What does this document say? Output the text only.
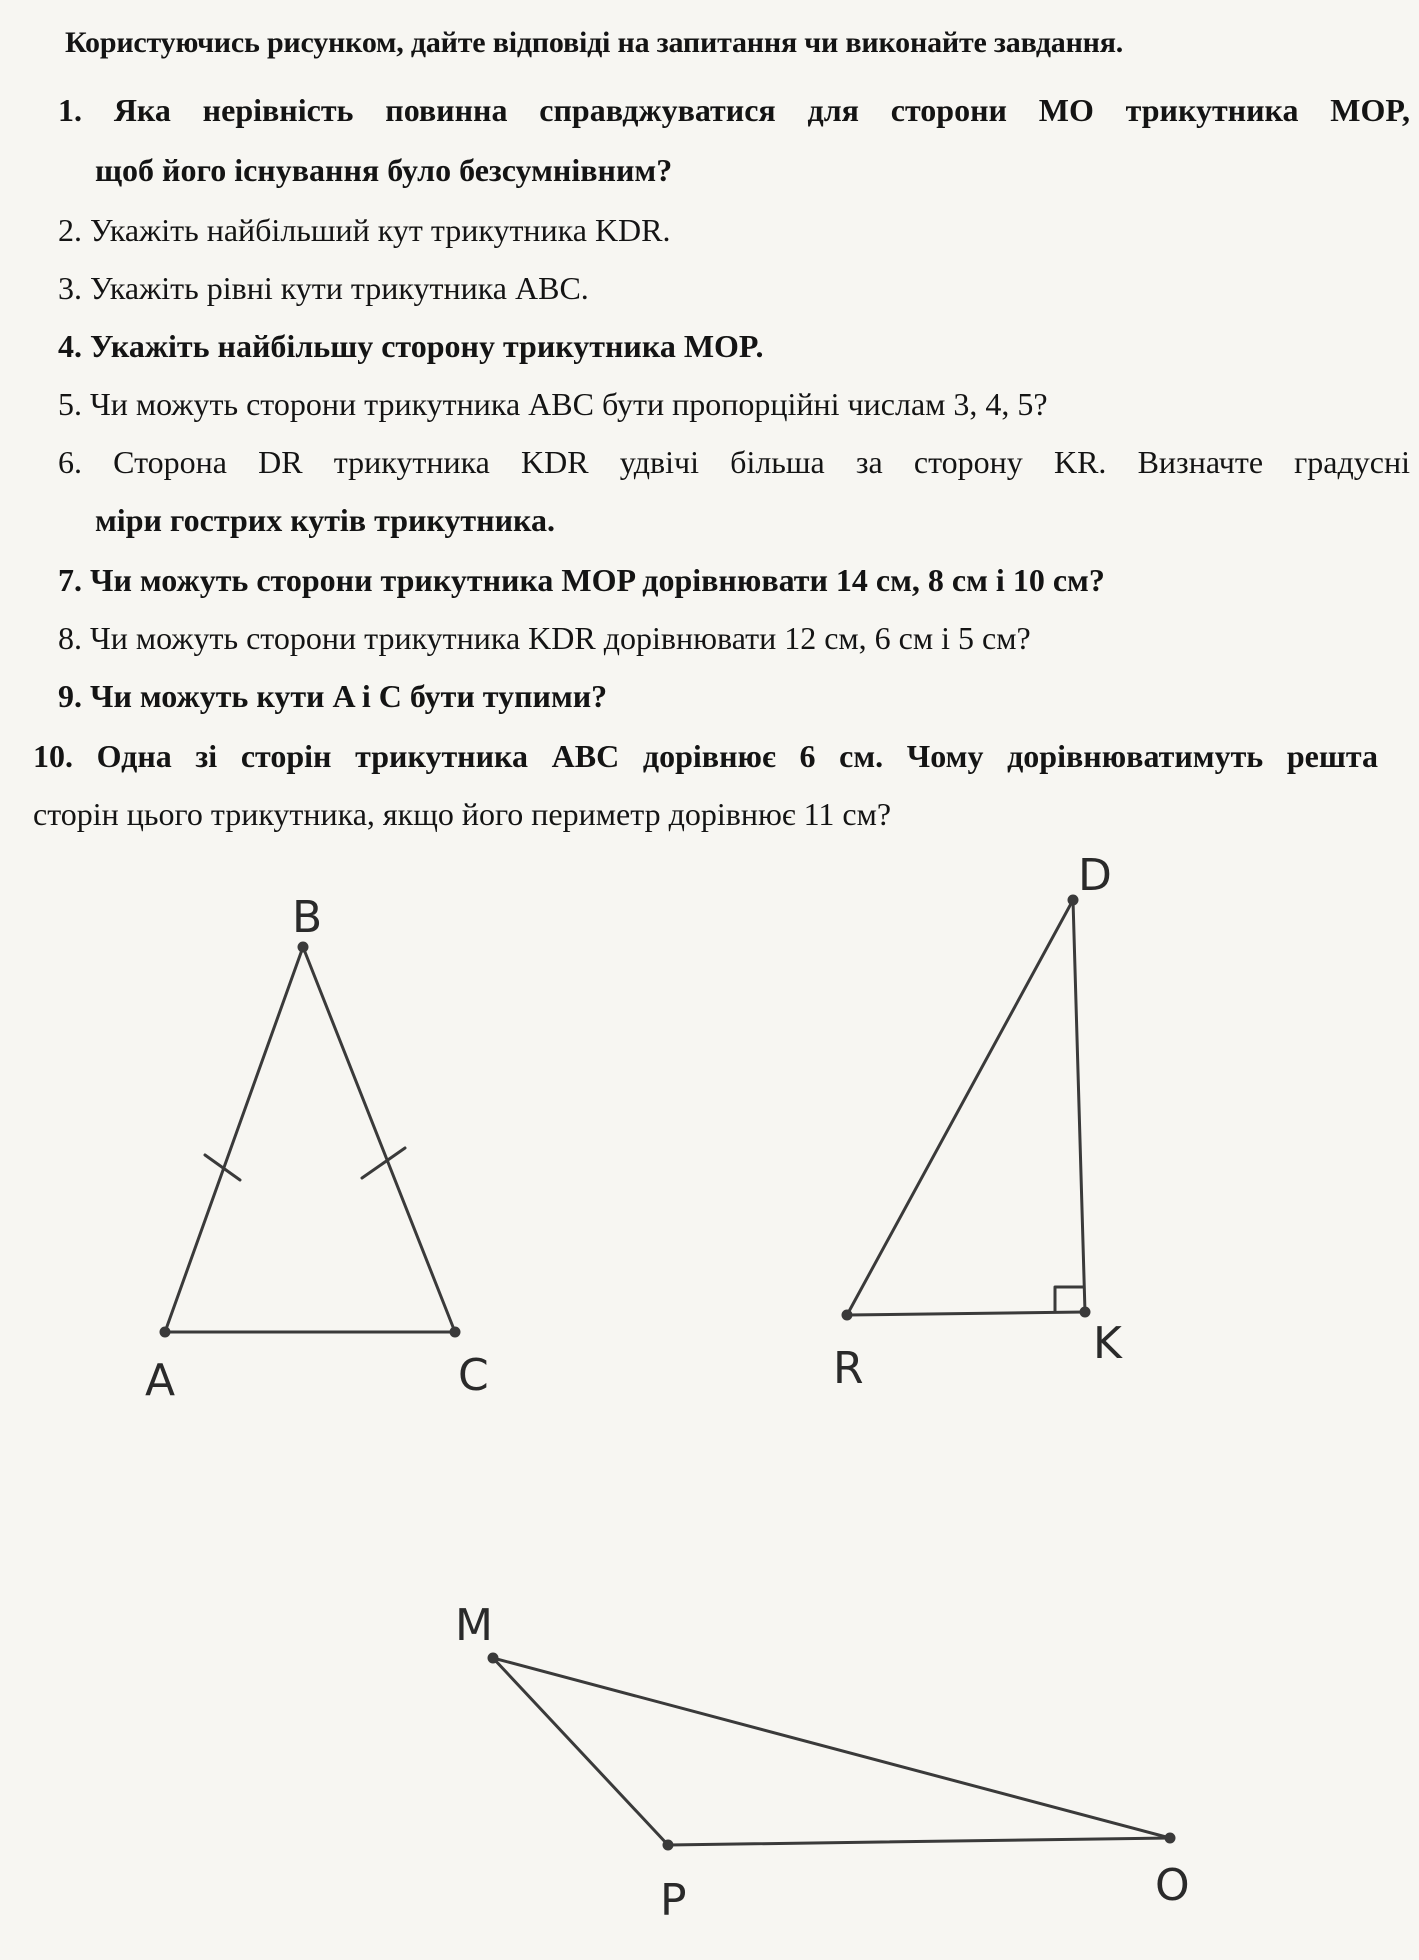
Користуючись рисунком, дайте відповіді на запитання чи виконайте завдання.
1. Яка нерівність повинна справджуватися для сторони MO трикутника MOP,
щоб його існування було безсумнівним?
2. Укажіть найбільший кут трикутника KDR.
3. Укажіть рівні кути трикутника ABC.
4. Укажіть найбільшу сторону трикутника MOP.
5. Чи можуть сторони трикутника АВС бути пропорційні числам 3, 4, 5?
6. Сторона DR трикутника KDR удвічі більша за сторону KR. Визначте градусні
міри гострих кутів трикутника.
7. Чи можуть сторони трикутника MOP дорівнювати 14 см, 8 см і 10 см?
8. Чи можуть сторони трикутника KDR дорівнювати 12 см, 6 см і 5 см?
9. Чи можуть кути A і C бути тупими?
10. Одна зі сторін трикутника ABC дорівнює 6 см. Чому дорівнюватимуть решта
сторін цього трикутника, якщо його периметр дорівнює 11 см?
B
A	C
D
R	K
M
P	O
